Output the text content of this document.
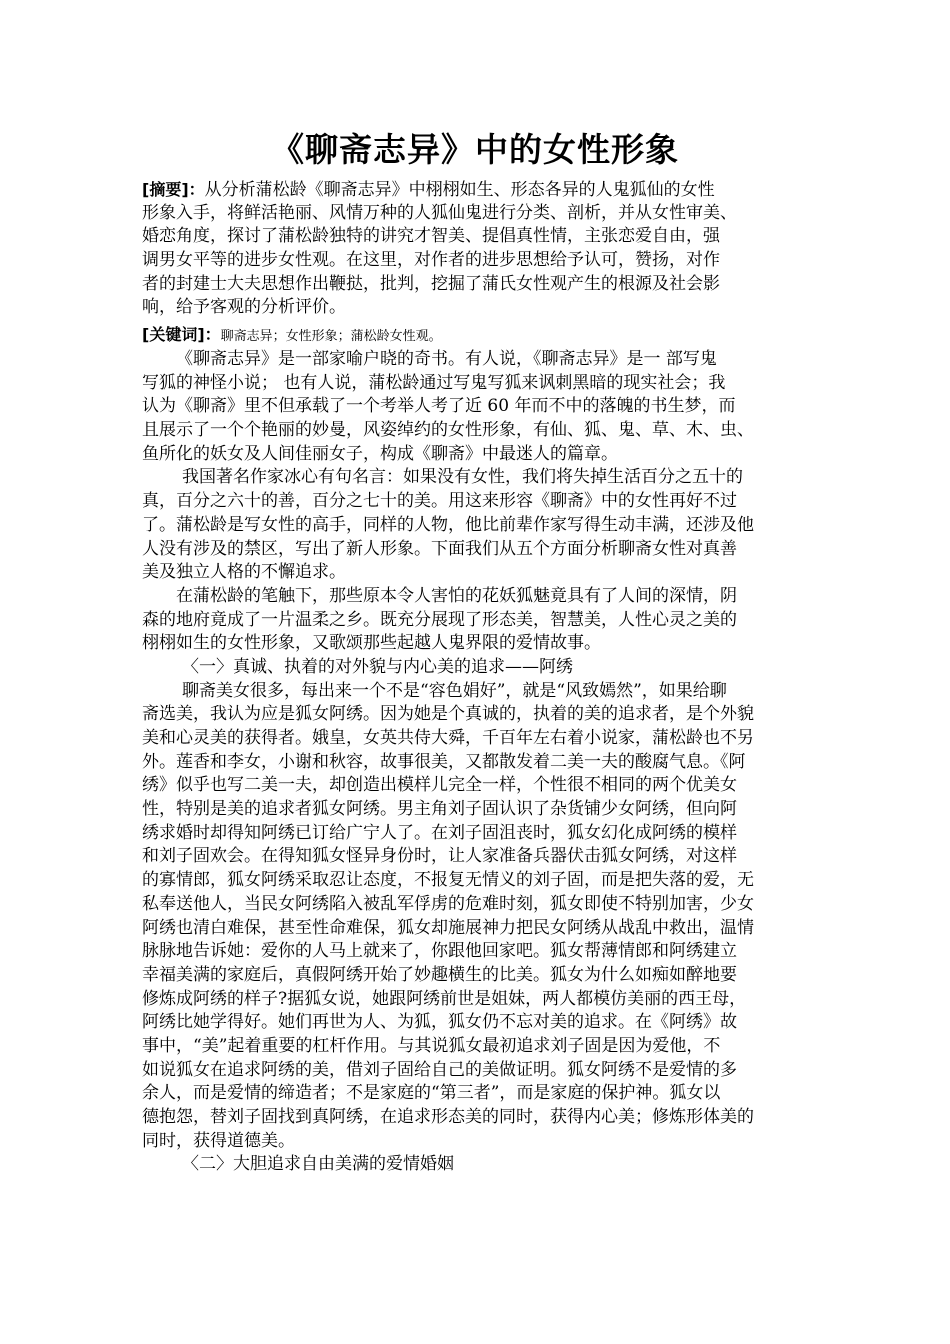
《聊斋志异》中的女性形象
[摘要]：从分析蒲松龄《聊斋志异》中栩栩如生、形态各异的人鬼狐仙的女性
形象入手，将鲜活艳丽、风情万种的人狐仙鬼进行分类、剖析，并从女性审美、
婚恋角度，探讨了蒲松龄独特的讲究才智美、提倡真性情，主张恋爱自由，强
调男女平等的进步女性观。在这里，对作者的进步思想给予认可，赞扬，对作
者的封建士大夫思想作出鞭挞，批判，挖掘了蒲氏女性观产生的根源及社会影
响，给予客观的分析评价。
[关键词]：聊斋志异；女性形象；蒲松龄女性观。
《聊斋志异》是一部家喻户晓的奇书。有人说，《聊斋志异》是一 部写鬼
写狐的神怪小说； 也有人说，蒲松龄通过写鬼写狐来讽刺黑暗的现实社会；我
认为《聊斋》里不但承载了一个考举人考了近 60 年而不中的落魄的书生梦，而
且展示了一个个艳丽的妙曼，风姿绰约的女性形象，有仙、狐、鬼、草、木、虫、
鱼所化的妖女及人间佳丽女子，构成《聊斋》中最迷人的篇章。
我国著名作家冰心有句名言：如果没有女性，我们将失掉生活百分之五十的
真，百分之六十的善，百分之七十的美。用这来形容《聊斋》中的女性再好不过
了。蒲松龄是写女性的高手，同样的人物，他比前辈作家写得生动丰满，还涉及他
人没有涉及的禁区，写出了新人形象。下面我们从五个方面分析聊斋女性对真善
美及独立人格的不懈追求。
在蒲松龄的笔触下，那些原本令人害怕的花妖狐魅竟具有了人间的深情，阴
森的地府竟成了一片温柔之乡。既充分展现了形态美，智慧美，人性心灵之美的
栩栩如生的女性形象，又歌颂那些起越人鬼界限的爱情故事。
〈一〉真诚、执着的对外貌与内心美的追求——阿绣
聊斋美女很多，每出来一个不是“容色娟好”，就是“风致嫣然”，如果给聊
斋选美，我认为应是狐女阿绣。因为她是个真诚的，执着的美的追求者，是个外貌
美和心灵美的获得者。娥皇，女英共侍大舜，千百年左右着小说家，蒲松龄也不另
外。莲香和李女，小谢和秋容，故事很美，又都散发着二美一夫的酸腐气息。《阿
绣》似乎也写二美一夫，却创造出模样儿完全一样，个性很不相同的两个优美女
性，特别是美的追求者狐女阿绣。男主角刘子固认识了杂货铺少女阿绣，但向阿
绣求婚时却得知阿绣已订给广宁人了。在刘子固沮丧时，狐女幻化成阿绣的模样
和刘子固欢会。在得知狐女怪异身份时，让人家准备兵器伏击狐女阿绣，对这样
的寡情郎，狐女阿绣采取忍让态度，不报复无情义的刘子固，而是把失落的爱，无
私奉送他人，当民女阿绣陷入被乱军俘虏的危难时刻，狐女即使不特别加害，少女
阿绣也清白难保，甚至性命难保，狐女却施展神力把民女阿绣从战乱中救出，温情
脉脉地告诉她：爱你的人马上就来了，你跟他回家吧。狐女帮薄情郎和阿绣建立
幸福美满的家庭后，真假阿绣开始了妙趣横生的比美。狐女为什么如痴如醉地要
修炼成阿绣的样子?据狐女说，她跟阿绣前世是姐妹，两人都模仿美丽的西王母，
阿绣比她学得好。她们再世为人、为狐，狐女仍不忘对美的追求。在《阿绣》故
事中，“美”起着重要的杠杆作用。与其说狐女最初追求刘子固是因为爱他，不
如说狐女在追求阿绣的美，借刘子固给自己的美做证明。狐女阿绣不是爱情的多
余人，而是爱情的缔造者；不是家庭的“第三者”，而是家庭的保护神。狐女以
德抱怨，替刘子固找到真阿绣，在追求形态美的同时，获得内心美；修炼形体美的
同时，获得道德美。
〈二〉大胆追求自由美满的爱情婚姻
